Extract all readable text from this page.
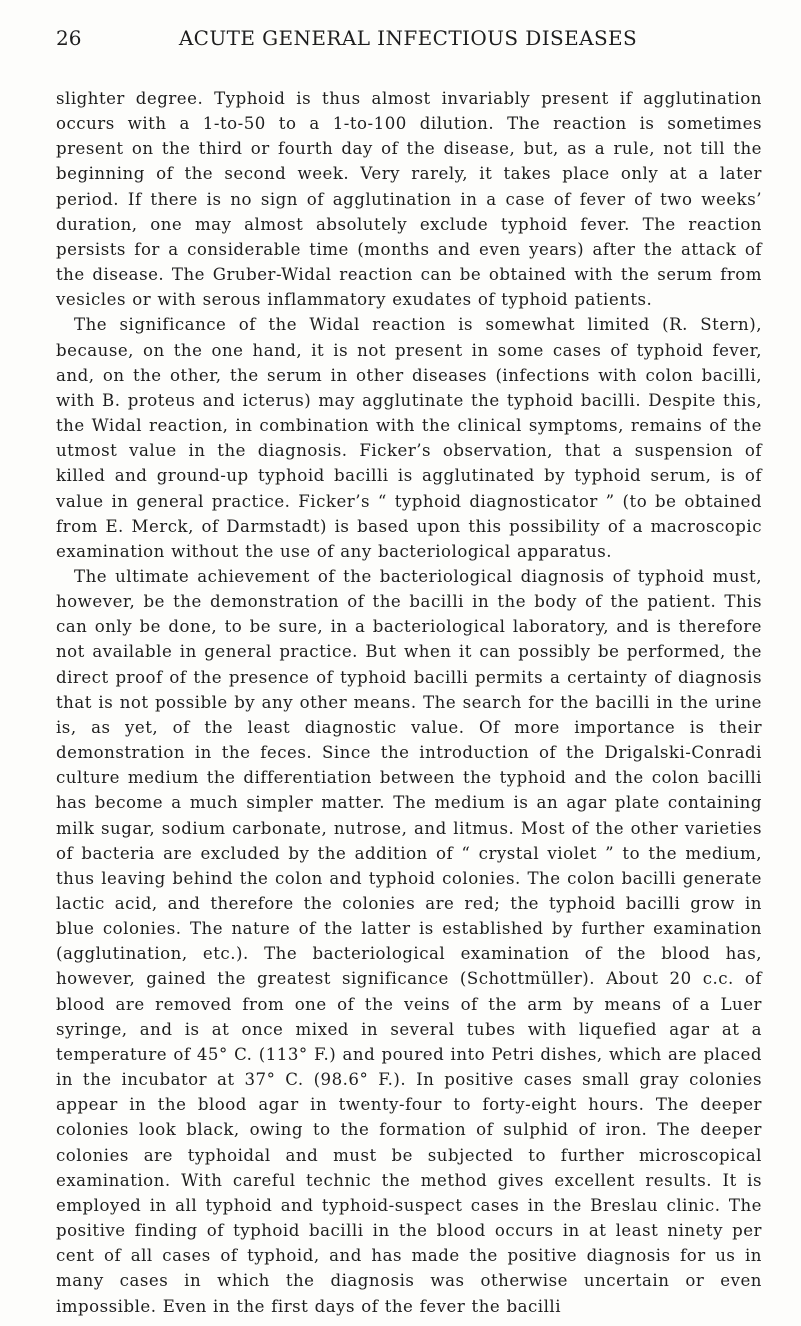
26	ACUTE GENERAL INFECTIOUS DISEASES

slighter degree. Typhoid is thus almost invariably present if agglutination occurs with a 1-to-50 to a 1-to-100 dilution. The reaction is sometimes present on the third or fourth day of the disease, but, as a rule, not till the beginning of the second week. Very rarely, it takes place only at a later period. If there is no sign of agglutination in a case of fever of two weeks’ duration, one may almost absolutely exclude typhoid fever. The reaction persists for a considerable time (months and even years) after the attack of the disease. The Gruber-Widal reaction can be obtained with the serum from vesicles or with serous inflammatory exudates of typhoid patients.

The significance of the Widal reaction is somewhat limited (R. Stern), because, on the one hand, it is not present in some cases of typhoid fever, and, on the other, the serum in other diseases (infections with colon bacilli, with B. proteus and icterus) may agglutinate the typhoid bacilli. Despite this, the Widal reaction, in combination with the clinical symptoms, remains of the utmost value in the diagnosis. Ficker’s observation, that a suspension of killed and ground-up typhoid bacilli is agglutinated by typhoid serum, is of value in general practice. Ficker’s “ typhoid diagnosticator ” (to be obtained from E. Merck, of Darmstadt) is based upon this possibility of a macroscopic examination without the use of any bacteriological apparatus.

The ultimate achievement of the bacteriological diagnosis of typhoid must, however, be the demonstration of the bacilli in the body of the patient. This can only be done, to be sure, in a bacteriological laboratory, and is therefore not available in general practice. But when it can possibly be performed, the direct proof of the presence of typhoid bacilli permits a certainty of diagnosis that is not possible by any other means. The search for the bacilli in the urine is, as yet, of the least diagnostic value. Of more importance is their demonstration in the feces. Since the introduction of the Drigalski-Conradi culture medium the differentiation between the typhoid and the colon bacilli has become a much simpler matter. The medium is an agar plate containing milk sugar, sodium carbonate, nutrose, and litmus. Most of the other varieties of bacteria are excluded by the addition of “ crystal violet ” to the medium, thus leaving behind the colon and typhoid colonies. The colon bacilli generate lactic acid, and therefore the colonies are red; the typhoid bacilli grow in blue colonies. The nature of the latter is established by further examination (agglutination, etc.). The bacteriological examination of the blood has, however, gained the greatest significance (Schottmüller). About 20 c.c. of blood are removed from one of the veins of the arm by means of a Luer syringe, and is at once mixed in several tubes with liquefied agar at a temperature of 45° C. (113° F.) and poured into Petri dishes, which are placed in the incubator at 37° C. (98.6° F.). In positive cases small gray colonies appear in the blood agar in twenty-four to forty-eight hours. The deeper colonies look black, owing to the formation of sulphid of iron. The deeper colonies are typhoidal and must be subjected to further microscopical examination. With careful technic the method gives excellent results. It is employed in all typhoid and typhoid-suspect cases in the Breslau clinic. The positive finding of typhoid bacilli in the blood occurs in at least ninety per cent of all cases of typhoid, and has made the positive diagnosis for us in many cases in which the diagnosis was otherwise uncertain or even impossible. Even in the first days of the fever the bacilli
